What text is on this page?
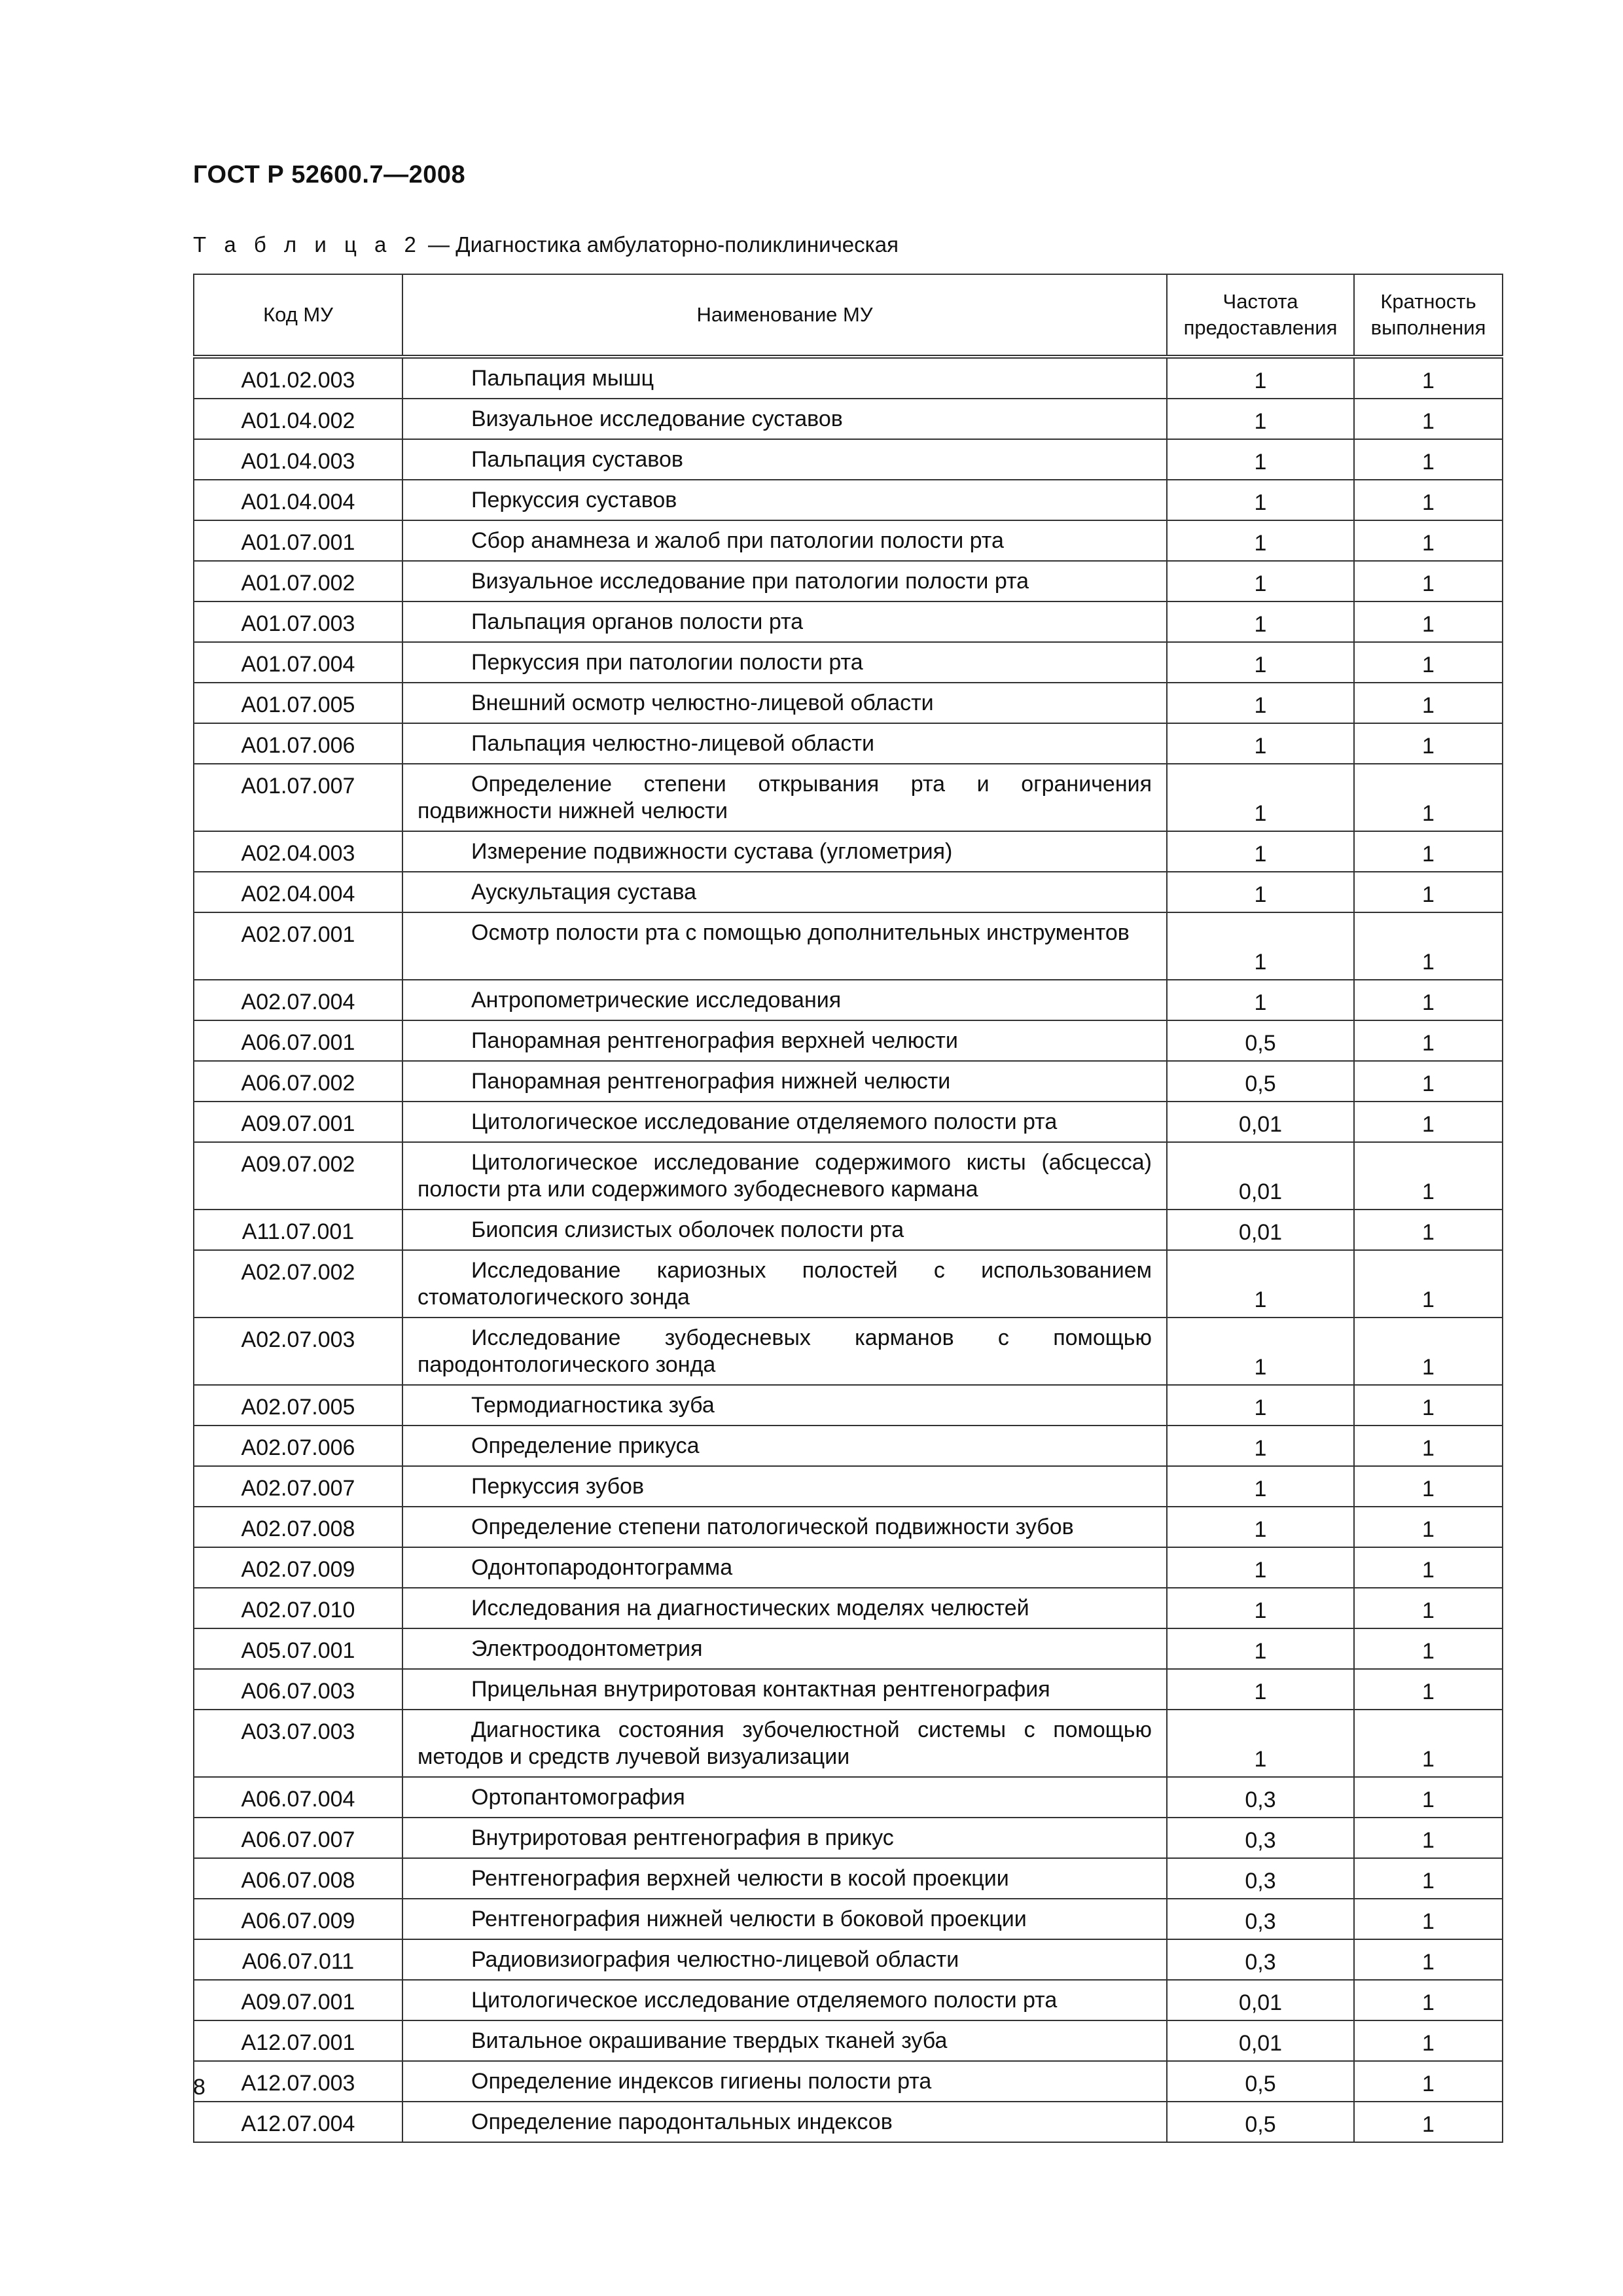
ГОСТ Р 52600.7—2008

Т а б л и ц а 2 — Диагностика амбулаторно-поликлиническая

Код МУ	Наименование МУ	Частота предоставления	Кратность выполнения
А01.02.003	Пальпация мышц	1	1
А01.04.002	Визуальное исследование суставов	1	1
А01.04.003	Пальпация суставов	1	1
А01.04.004	Перкуссия суставов	1	1
А01.07.001	Сбор анамнеза и жалоб при патологии полости рта	1	1
А01.07.002	Визуальное исследование при патологии полости рта	1	1
А01.07.003	Пальпация органов полости рта	1	1
А01.07.004	Перкуссия при патологии полости рта	1	1
А01.07.005	Внешний осмотр челюстно-лицевой области	1	1
А01.07.006	Пальпация челюстно-лицевой области	1	1
А01.07.007	Определение степени открывания рта и ограничения подвижности нижней челюсти	1	1
А02.04.003	Измерение подвижности сустава (углометрия)	1	1
А02.04.004	Аускультация сустава	1	1
А02.07.001	Осмотр полости рта с помощью дополнительных инструментов	1	1
А02.07.004	Антропометрические исследования	1	1
А06.07.001	Панорамная рентгенография верхней челюсти	0,5	1
А06.07.002	Панорамная рентгенография нижней челюсти	0,5	1
А09.07.001	Цитологическое исследование отделяемого полости рта	0,01	1
А09.07.002	Цитологическое исследование содержимого кисты (абсцесса) полости рта или содержимого зубодесневого кармана	0,01	1
А11.07.001	Биопсия слизистых оболочек полости рта	0,01	1
А02.07.002	Исследование кариозных полостей с использованием стоматологического зонда	1	1
А02.07.003	Исследование зубодесневых карманов с помощью пародонтологического зонда	1	1
А02.07.005	Термодиагностика зуба	1	1
А02.07.006	Определение прикуса	1	1
А02.07.007	Перкуссия зубов	1	1
А02.07.008	Определение степени патологической подвижности зубов	1	1
А02.07.009	Одонтопародонтограмма	1	1
А02.07.010	Исследования на диагностических моделях челюстей	1	1
А05.07.001	Электроодонтометрия	1	1
А06.07.003	Прицельная внутриротовая контактная рентгенография	1	1
А03.07.003	Диагностика состояния зубочелюстной системы с помощью методов и средств лучевой визуализации	1	1
А06.07.004	Ортопантомография	0,3	1
А06.07.007	Внутриротовая рентгенография в прикус	0,3	1
А06.07.008	Рентгенография верхней челюсти в косой проекции	0,3	1
А06.07.009	Рентгенография нижней челюсти в боковой проекции	0,3	1
А06.07.011	Радиовизиография челюстно-лицевой области	0,3	1
А09.07.001	Цитологическое исследование отделяемого полости рта	0,01	1
А12.07.001	Витальное окрашивание твердых тканей зуба	0,01	1
А12.07.003	Определение индексов гигиены полости рта	0,5	1
А12.07.004	Определение пародонтальных индексов	0,5	1

8
